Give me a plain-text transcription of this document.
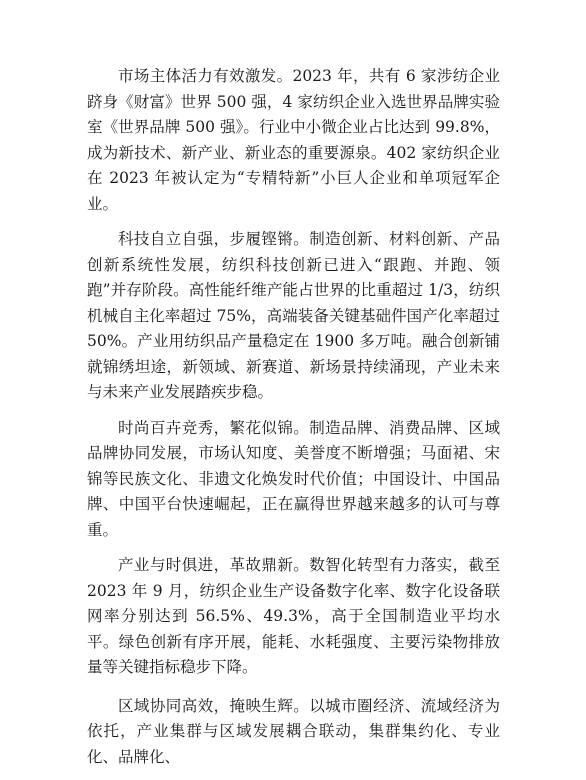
市场主体活力有效激发。2023 年，共有 6 家涉纺企业跻身《财富》世界 500 强，4 家纺织企业入选世界品牌实验室《世界品牌 500 强》。行业中小微企业占比达到 99.8%，成为新技术、新产业、新业态的重要源泉。402 家纺织企业在 2023 年被认定为“专精特新”小巨人企业和单项冠军企业。

科技自立自强，步履铿锵。制造创新、材料创新、产品创新系统性发展，纺织科技创新已进入“跟跑、并跑、领跑”并存阶段。高性能纤维产能占世界的比重超过 1/3，纺织机械自主化率超过 75%，高端装备关键基础件国产化率超过 50%。产业用纺织品产量稳定在 1900 多万吨。融合创新铺就锦绣坦途，新领域、新赛道、新场景持续涌现，产业未来与未来产业发展踏疾步稳。

时尚百卉竞秀，繁花似锦。制造品牌、消费品牌、区域品牌协同发展，市场认知度、美誉度不断增强；马面裙、宋锦等民族文化、非遗文化焕发时代价值；中国设计、中国品牌、中国平台快速崛起，正在赢得世界越来越多的认可与尊重。

产业与时俱进，革故鼎新。数智化转型有力落实，截至 2023 年 9 月，纺织企业生产设备数字化率、数字化设备联网率分别达到 56.5%、49.3%，高于全国制造业平均水平。绿色创新有序开展，能耗、水耗强度、主要污染物排放量等关键指标稳步下降。

区域协同高效，掩映生辉。以城市圈经济、流域经济为依托，产业集群与区域发展耦合联动，集群集约化、专业化、品牌化、
